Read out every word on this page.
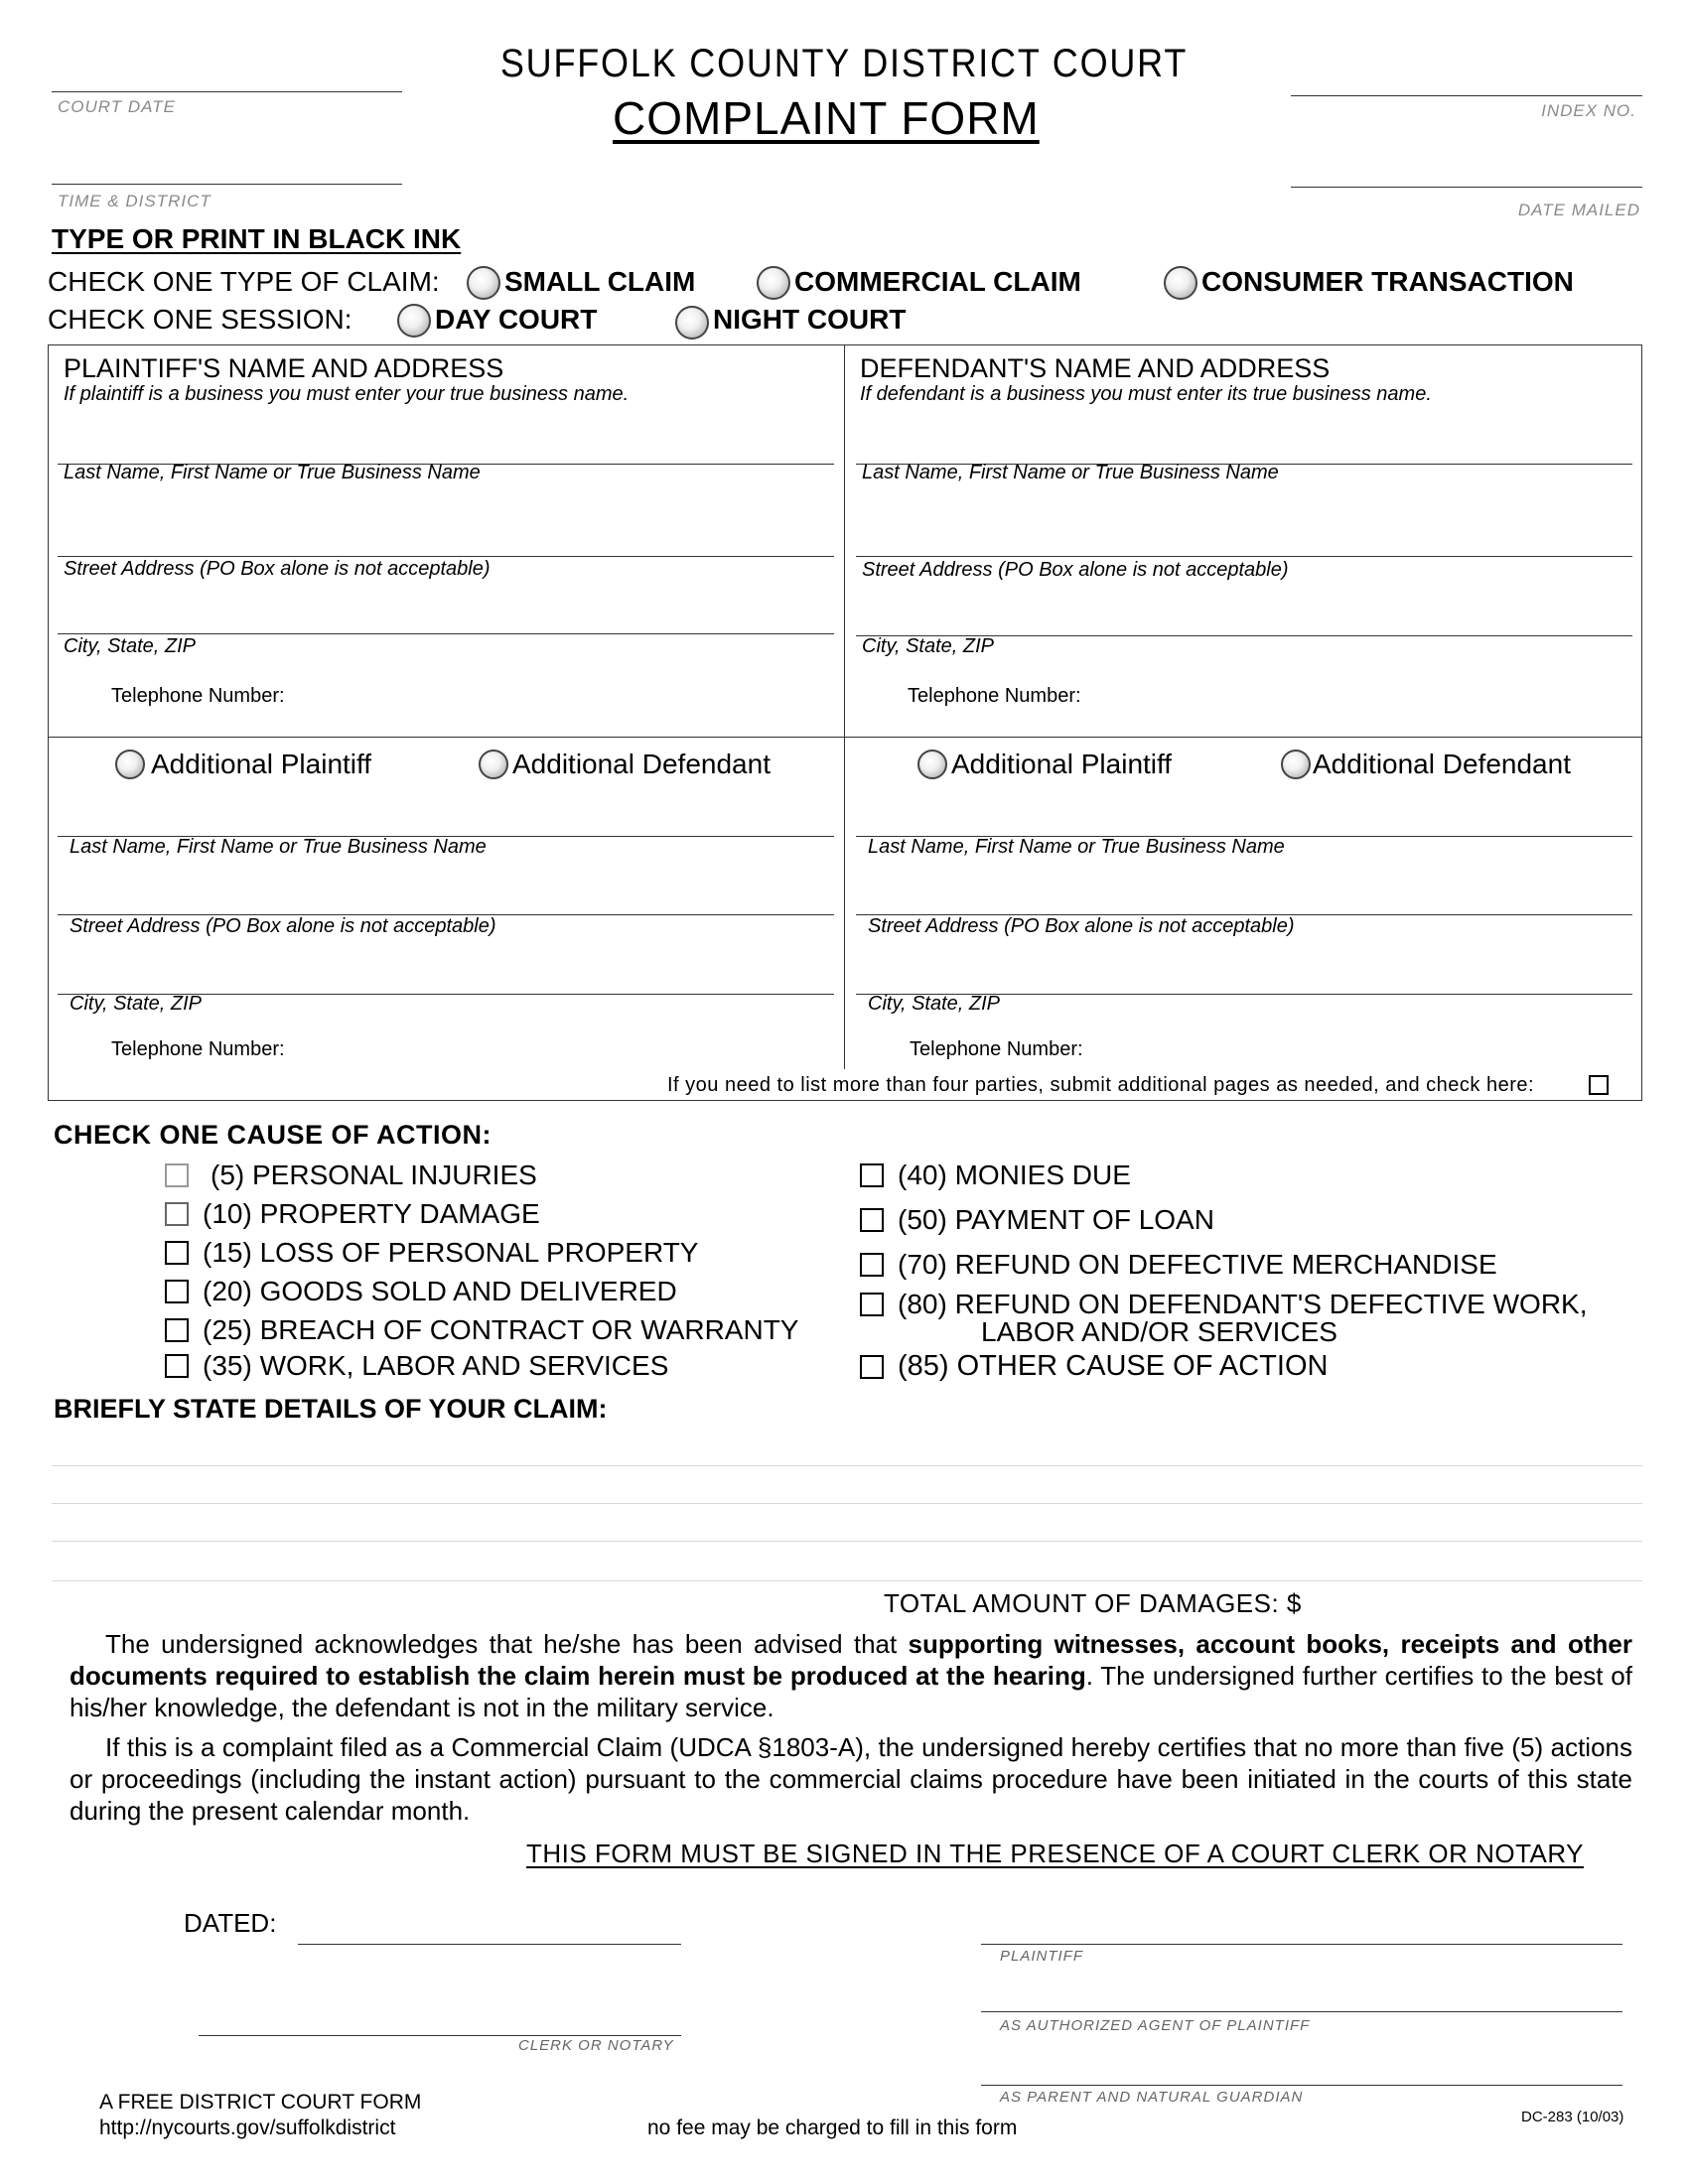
COURT DATE
TIME & DISTRICT
SUFFOLK COUNTY DISTRICT COURT
COMPLAINT FORM	INDEX NO.
DATE MAILED
TYPE OR PRINT IN BLACK INK
CHECK ONE TYPE OF CLAIM: SMALL CLAIM	COMMERCIAL CLAIM	CONSUMER TRANSACTION
CHECK ONE SESSION:	DAY COURT	NIGHT COURT
PLAINTIFF'S NAME AND ADDRESS
If plaintiff is a business you must enter your true business name.
Last Name, First Name or True Business Name
Street Address (PO Box alone is not acceptable)
City, State, ZIP
Telephone Number:
DEFENDANT'S NAME AND ADDRESS
If defendant is a business you must enter its true business name.
Last Name, First Name or True Business Name
Street Address (PO Box alone is not acceptable)
City, State, ZIP
Telephone Number:
Additional Plaintiff	Additional Defendant
Last Name, First Name or True Business Name
Street Address (PO Box alone is not acceptable)
City, State, ZIP
Telephone Number:
Additional Plaintiff	Additional Defendant
Last Name, First Name or True Business Name
Street Address (PO Box alone is not acceptable)
City, State, ZIP
Telephone Number:
If you need to list more than four parties, submit additional pages as needed, and check here:
CHECK ONE CAUSE OF ACTION:
(5) PERSONAL INJURIES
(10) PROPERTY DAMAGE
(15) LOSS OF PERSONAL PROPERTY
(20) GOODS SOLD AND DELIVERED
(25) BREACH OF CONTRACT OR WARRANTY
(35) WORK, LABOR AND SERVICES
(40) MONIES DUE
(50) PAYMENT OF LOAN
(70) REFUND ON DEFECTIVE MERCHANDISE
(80) REFUND ON DEFENDANT'S DEFECTIVE WORK,
LABOR AND/OR SERVICES
(85) OTHER CAUSE OF ACTION
BRIEFLY STATE DETAILS OF YOUR CLAIM:
TOTAL AMOUNT OF DAMAGES: $
The undersigned acknowledges that he/she has been advised that supporting witnesses, account books, receipts and other documents required to establish the claim herein must be produced at the hearing. The undersigned further certifies to the best of his/her knowledge, the defendant is not in the military service.
If this is a complaint filed as a Commercial Claim (UDCA §1803-A), the undersigned hereby certifies that no more than five (5) actions or proceedings (including the instant action) pursuant to the commercial claims procedure have been initiated in the courts of this state during the present calendar month.
THIS FORM MUST BE SIGNED IN THE PRESENCE OF A COURT CLERK OR NOTARY
DATED:
CLERK OR NOTARY
PLAINTIFF
AS AUTHORIZED AGENT OF PLAINTIFF
AS PARENT AND NATURAL GUARDIAN
A FREE DISTRICT COURT FORM
http://nycourts.gov/suffolkdistrict	no fee may be charged to fill in this form	DC-283 (10/03)
